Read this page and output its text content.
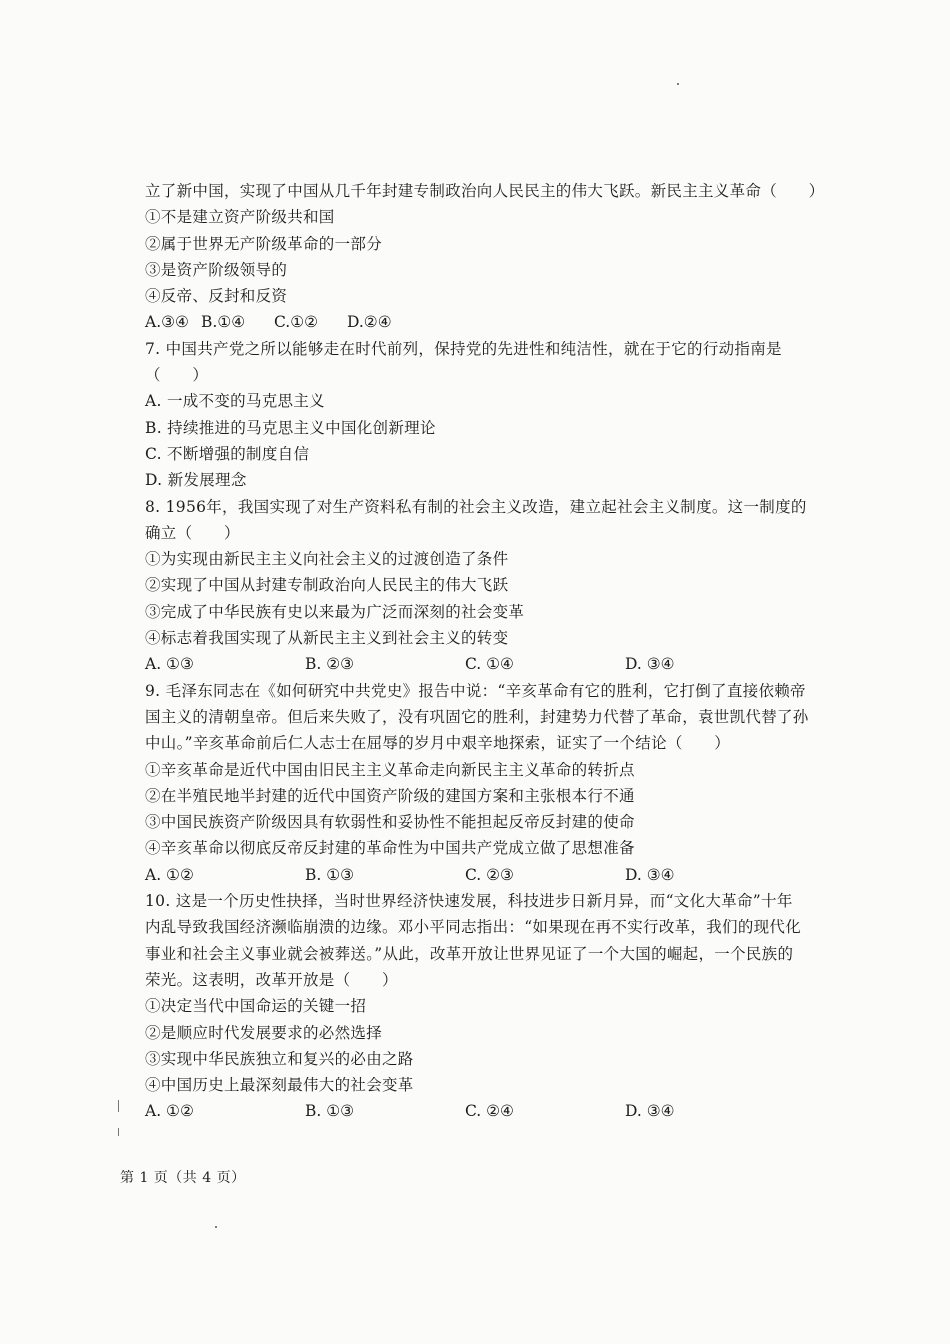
立了新中国，实现了中国从几千年封建专制政治向人民民主的伟大飞跃。新民主主义革命（　　）
①不是建立资产阶级共和国
②属于世界无产阶级革命的一部分
③是资产阶级领导的
④反帝、反封和反资
A.③④ B.①④	C.①②	D.②④
7. 中国共产党之所以能够走在时代前列，保持党的先进性和纯洁性，就在于它的行动指南是
（　　）
A. 一成不变的马克思主义
B. 持续推进的马克思主义中国化创新理论
C. 不断增强的制度自信
D. 新发展理念
8. 1956年，我国实现了对生产资料私有制的社会主义改造，建立起社会主义制度。这一制度的
确立（　　）
①为实现由新民主主义向社会主义的过渡创造了条件
②实现了中国从封建专制政治向人民民主的伟大飞跃
③完成了中华民族有史以来最为广泛而深刻的社会变革
④标志着我国实现了从新民主主义到社会主义的转变
A. ①③	B. ②③	C. ①④	D. ③④
9. 毛泽东同志在《如何研究中共党史》报告中说：“辛亥革命有它的胜利，它打倒了直接依赖帝
国主义的清朝皇帝。但后来失败了，没有巩固它的胜利，封建势力代替了革命，袁世凯代替了孙
中山。”辛亥革命前后仁人志士在屈辱的岁月中艰辛地探索，证实了一个结论（　　）
①辛亥革命是近代中国由旧民主主义革命走向新民主主义革命的转折点
②在半殖民地半封建的近代中国资产阶级的建国方案和主张根本行不通
③中国民族资产阶级因具有软弱性和妥协性不能担起反帝反封建的使命
④辛亥革命以彻底反帝反封建的革命性为中国共产党成立做了思想准备
A. ①②	B. ①③	C. ②③	D. ③④
10. 这是一个历史性抉择，当时世界经济快速发展，科技进步日新月异，而“文化大革命”十年
内乱导致我国经济濒临崩溃的边缘。邓小平同志指出：“如果现在再不实行改革，我们的现代化
事业和社会主义事业就会被葬送。”从此，改革开放让世界见证了一个大国的崛起，一个民族的
荣光。这表明，改革开放是（　　）
①决定当代中国命运的关键一招
②是顺应时代发展要求的必然选择
③实现中华民族独立和复兴的必由之路
④中国历史上最深刻最伟大的社会变革
A. ①②	B. ①③	C. ②④	D. ③④
第 1 页（共 4 页）
